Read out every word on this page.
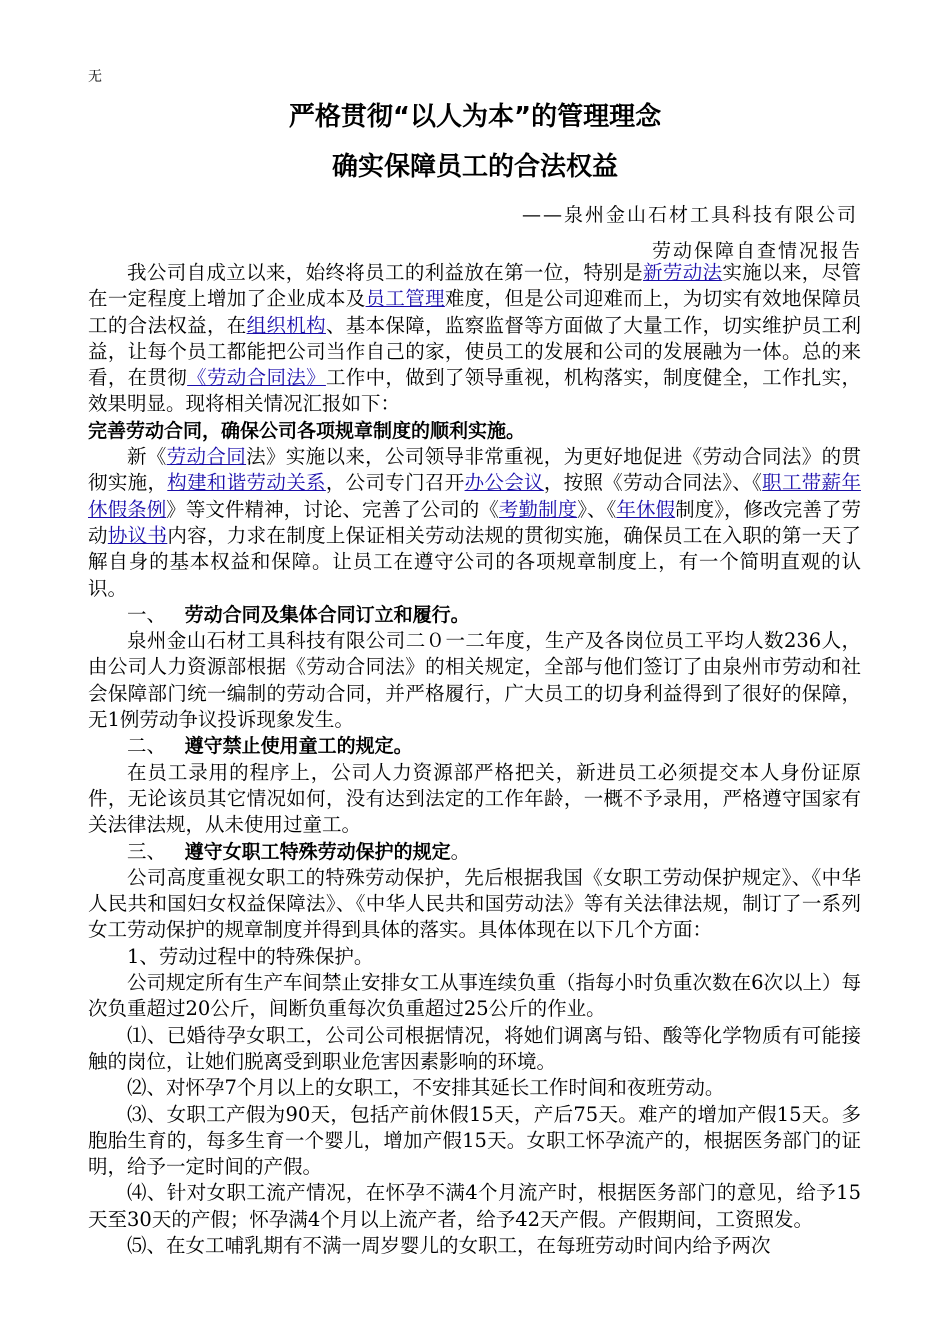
无
严格贯彻“以人为本”的管理理念
确实保障员工的合法权益
——泉州金山石材工具科技有限公司
劳动保障自查情况报告

我公司自成立以来，始终将员工的利益放在第一位，特别是新劳动法实施以来，尽管在一定程度上增加了企业成本及员工管理难度，但是公司迎难而上，为切实有效地保障员工的合法权益，在组织机构、基本保障，监察监督等方面做了大量工作，切实维护员工利益，让每个员工都能把公司当作自己的家，使员工的发展和公司的发展融为一体。总的来看，在贯彻《劳动合同法》工作中，做到了领导重视，机构落实，制度健全，工作扎实，效果明显。现将相关情况汇报如下：

完善劳动合同，确保公司各项规章制度的顺利实施。

新《劳动合同法》实施以来，公司领导非常重视，为更好地促进《劳动合同法》的贯彻实施，构建和谐劳动关系，公司专门召开办公会议，按照《劳动合同法》、《职工带薪年休假条例》等文件精神，讨论、完善了公司的《考勤制度》、《年休假制度》，修改完善了劳动协议书内容，力求在制度上保证相关劳动法规的贯彻实施，确保员工在入职的第一天了解自身的基本权益和保障。让员工在遵守公司的各项规章制度上，有一个简明直观的认识。

一、 劳动合同及集体合同订立和履行。

泉州金山石材工具科技有限公司二０一二年度，生产及各岗位员工平均人数236人，由公司人力资源部根据《劳动合同法》的相关规定，全部与他们签订了由泉州市劳动和社会保障部门统一编制的劳动合同，并严格履行，广大员工的切身利益得到了很好的保障，无1例劳动争议投诉现象发生。

二、 遵守禁止使用童工的规定。

在员工录用的程序上，公司人力资源部严格把关，新进员工必须提交本人身份证原件，无论该员其它情况如何，没有达到法定的工作年龄，一概不予录用，严格遵守国家有关法律法规，从未使用过童工。

三、 遵守女职工特殊劳动保护的规定。

公司高度重视女职工的特殊劳动保护，先后根据我国《女职工劳动保护规定》、《中华人民共和国妇女权益保障法》、《中华人民共和国劳动法》等有关法律法规，制订了一系列女工劳动保护的规章制度并得到具体的落实。具体体现在以下几个方面：

1、劳动过程中的特殊保护。

公司规定所有生产车间禁止安排女工从事连续负重（指每小时负重次数在6次以上）每次负重超过20公斤，间断负重每次负重超过25公斤的作业。

⑴、已婚待孕女职工，公司公司根据情况，将她们调离与铅、酸等化学物质有可能接触的岗位，让她们脱离受到职业危害因素影响的环境。

⑵、对怀孕7个月以上的女职工，不安排其延长工作时间和夜班劳动。

⑶、女职工产假为90天，包括产前休假15天，产后75天。难产的增加产假15天。多胞胎生育的，每多生育一个婴儿，增加产假15天。女职工怀孕流产的，根据医务部门的证明，给予一定时间的产假。

⑷、针对女职工流产情况，在怀孕不满4个月流产时，根据医务部门的意见，给予15天至30天的产假；怀孕满4个月以上流产者，给予42天产假。产假期间，工资照发。

⑸、在女工哺乳期有不满一周岁婴儿的女职工，在每班劳动时间内给予两次
